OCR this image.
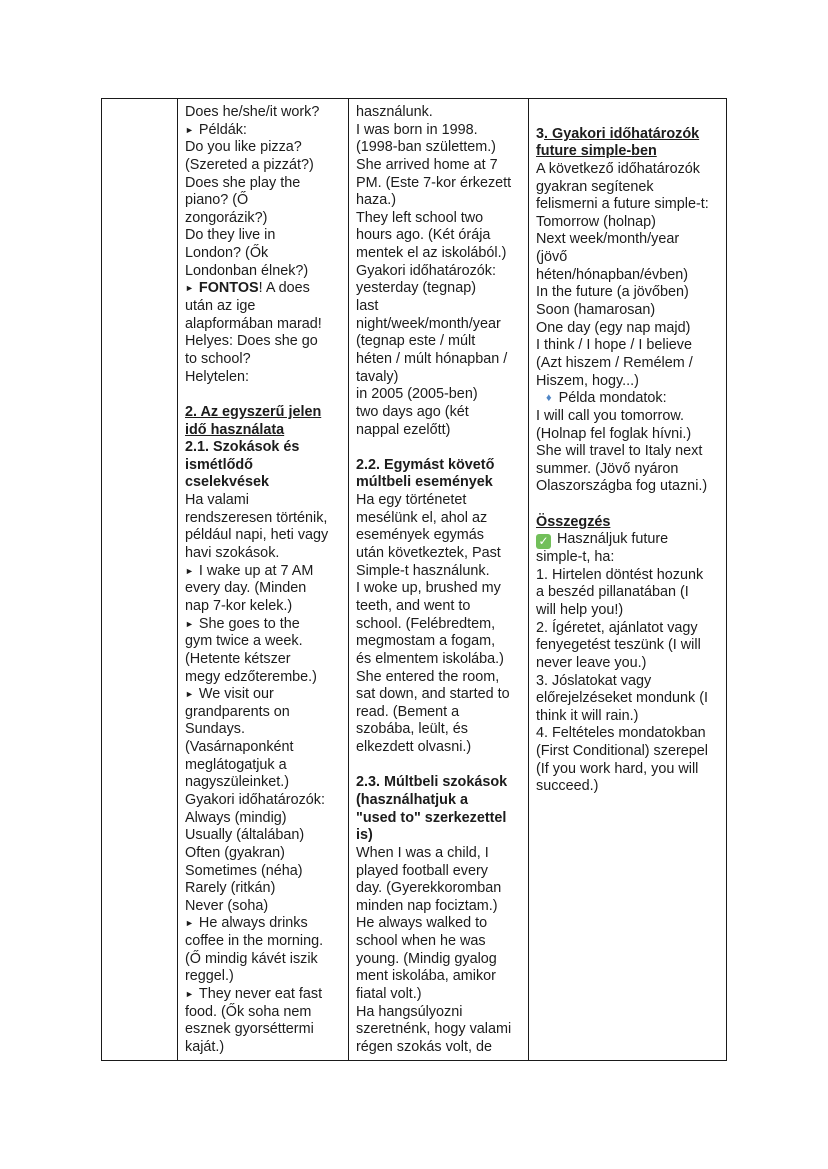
Does he/she/it work?
► Példák:
Do you like pizza?
(Szereted a pizzát?)
Does she play the
piano? (Ő
zongorázik?)
Do they live in
London? (Ők
Londonban élnek?)
► FONTOS! A does
után az ige
alapformában marad!
Helyes: Does she go
to school?
Helytelen:
2. Az egyszerű jelen
idő használata
2.1. Szokások és
ismétlődő
cselekvések
Ha valami
rendszeresen történik,
például napi, heti vagy
havi szokások.
► I wake up at 7 AM
every day. (Minden
nap 7-kor kelek.)
► She goes to the
gym twice a week.
(Hetente kétszer
megy edzőterembe.)
► We visit our
grandparents on
Sundays.
(Vasárnaponként
meglátogatjuk a
nagyszüleinket.)
Gyakori időhatározók:
Always (mindig)
Usually (általában)
Often (gyakran)
Sometimes (néha)
Rarely (ritkán)
Never (soha)
► He always drinks
coffee in the morning.
(Ő mindig kávét iszik
reggel.)
► They never eat fast
food. (Ők soha nem
esznek gyorséttermi
kaját.)
használunk.
I was born in 1998.
(1998-ban születtem.)
She arrived home at 7
PM. (Este 7-kor érkezett
haza.)
They left school two
hours ago. (Két órája
mentek el az iskolából.)
Gyakori időhatározók:
yesterday (tegnap)
last
night/week/month/year
(tegnap este / múlt
héten / múlt hónapban /
tavaly)
in 2005 (2005-ben)
two days ago (két
nappal ezelőtt)
2.2. Egymást követő
múltbeli események
Ha egy történetet
mesélünk el, ahol az
események egymás
után következtek, Past
Simple-t használunk.
I woke up, brushed my
teeth, and went to
school. (Felébredtem,
megmostam a fogam,
és elmentem iskolába.)
She entered the room,
sat down, and started to
read. (Bement a
szobába, leült, és
elkezdett olvasni.)
2.3. Múltbeli szokások
(használhatjuk a
"used to" szerkezettel
is)
When I was a child, I
played football every
day. (Gyerekkoromban
minden nap fociztam.)
He always walked to
school when he was
young. (Mindig gyalog
ment iskolába, amikor
fiatal volt.)
Ha hangsúlyozni
szeretnénk, hogy valami
régen szokás volt, de
3. Gyakori időhatározók
future simple-ben
A következő időhatározók
gyakran segítenek
felismerni a future simple-t:
Tomorrow (holnap)
Next week/month/year
(jövő
héten/hónapban/évben)
In the future (a jövőben)
Soon (hamarosan)
One day (egy nap majd)
I think / I hope / I believe
(Azt hiszem / Remélem /
Hiszem, hogy...)
♦ Példa mondatok:
I will call you tomorrow.
(Holnap fel foglak hívni.)
She will travel to Italy next
summer. (Jövő nyáron
Olaszországba fog utazni.)
Összegzés
✓ Használjuk future
simple-t, ha:
1. Hirtelen döntést hozunk
a beszéd pillanatában (I
will help you!)
2. Ígéretet, ajánlatot vagy
fenyegetést teszünk (I will
never leave you.)
3. Jóslatokat vagy
előrejelzéseket mondunk (I
think it will rain.)
4. Feltételes mondatokban
(First Conditional) szerepel
(If you work hard, you will
succeed.)
